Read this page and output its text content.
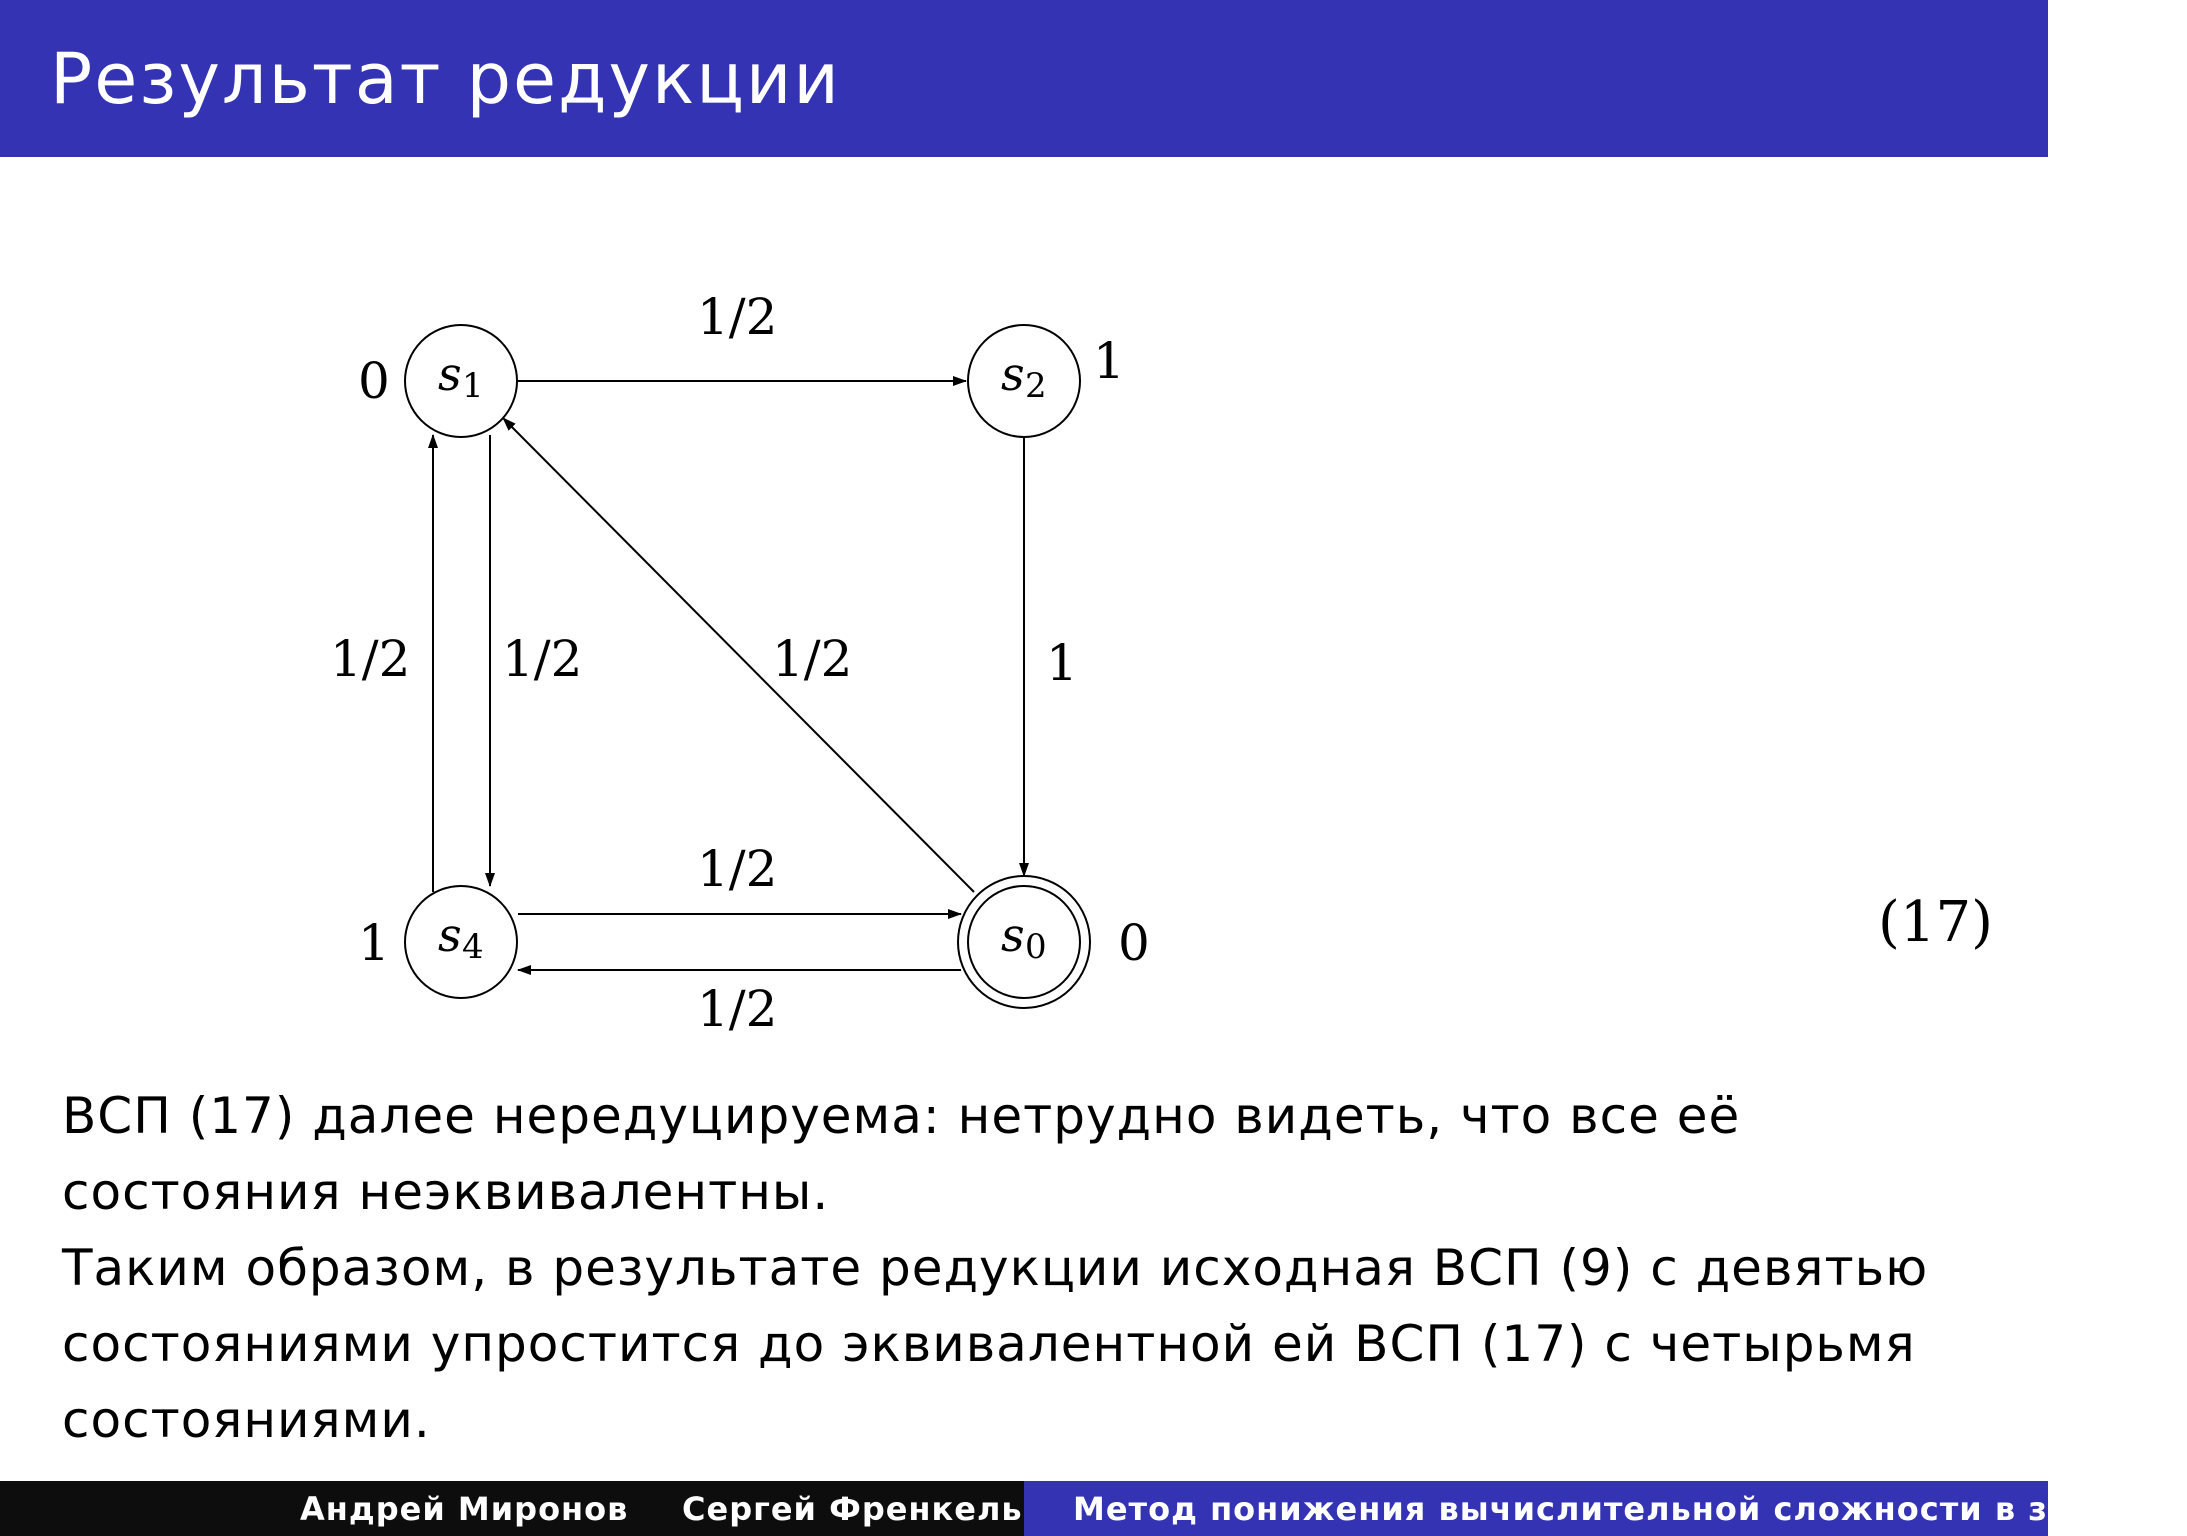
Результат редукции
s 1	s 2
s 4	s 0
0	1
1	0
1/2
1
1/2
1/2 1/2
1/2
1/2
(17)

ВСП (17) далее нередуцируема: нетрудно видеть, что все её состояния неэквивалентны.

Таким образом, в результате редукции исходная ВСП (9) с девятью состояниями упростится до эквивалентной ей ВСП (17) с четырьмя состояниями.

Андрей Миронов Сергей Френкель Метод понижения вычислительной сложности в задачах
